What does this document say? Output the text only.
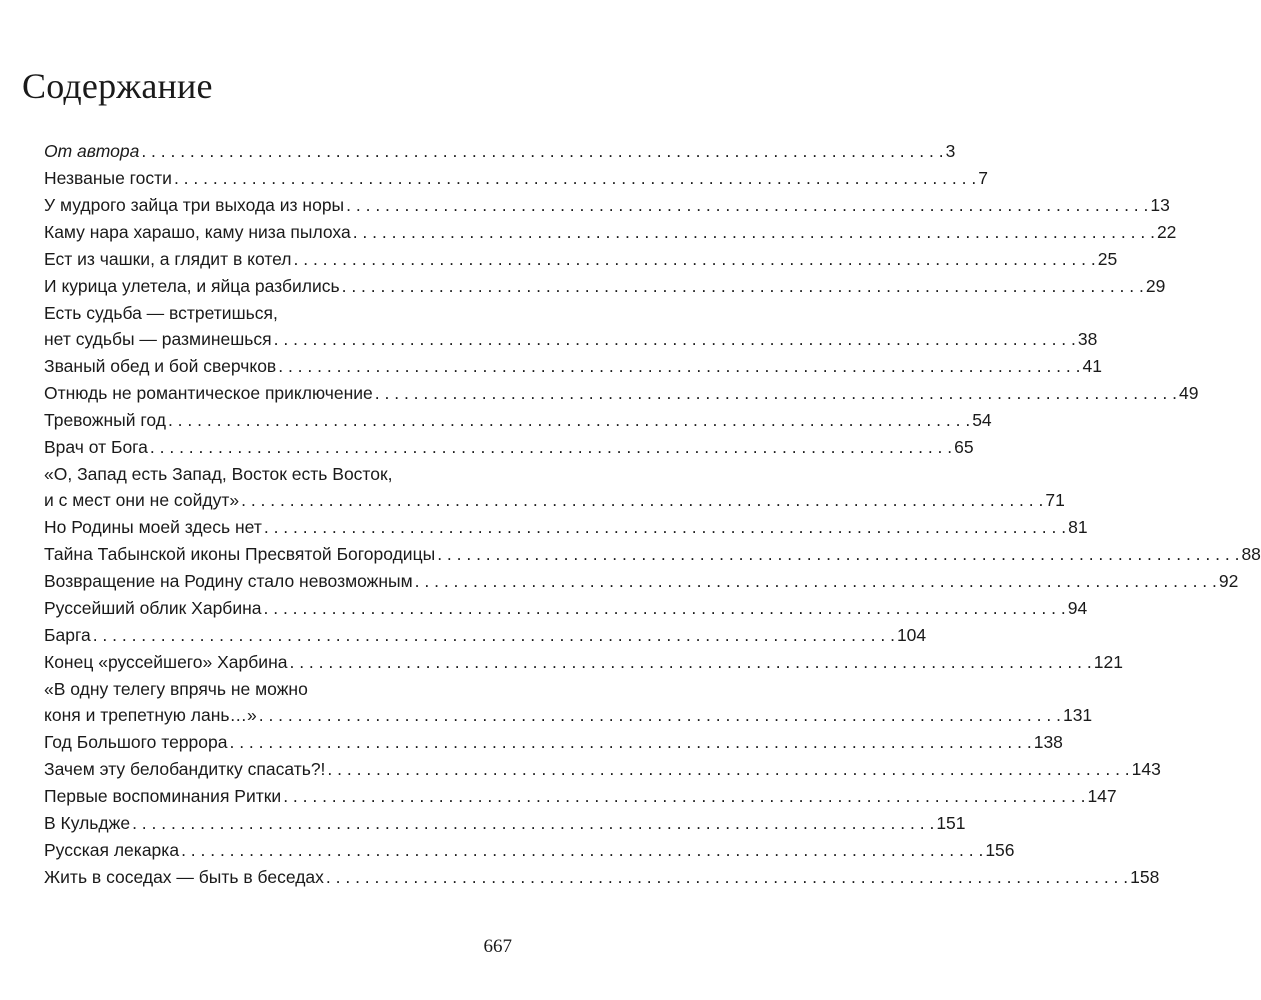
Содержание
От автора . . .	3
Незваные гости . . .	7
У мудрого зайца три выхода из норы . . .	13
Каму нара харашо, каму низа пылоха . . .	22
Ест из чашки, а глядит в котел . . .	25
И курица улетела, и яйца разбились . . .	29
Есть судьба — встретишься,
нет судьбы — разминешься . . .	38
Званый обед и бой сверчков . . .	41
Отнюдь не романтическое приключение . . .	49
Тревожный год . . .	54
Врач от Бога . . .	65
«О, Запад есть Запад, Восток есть Восток,
и с мест они не сойдут» . . .	71
Но Родины моей здесь нет . . .	81
Тайна Табынской иконы Пресвятой Богородицы . . .	88
Возвращение на Родину стало невозможным . . .	92
Руссейший облик Харбина . . .	94
Барга . . .	104
Конец «руссейшего» Харбина . . .	121
«В одну телегу впрячь не можно
коня и трепетную лань…» . . .	131
Год Большого террора . . .	138
Зачем эту белобандитку спасать?! . . .	143
Первые воспоминания Ритки . . .	147
В Кульдже . . .	151
Русская лекарка . . .	156
Жить в соседах — быть в беседах . . .	158
667
